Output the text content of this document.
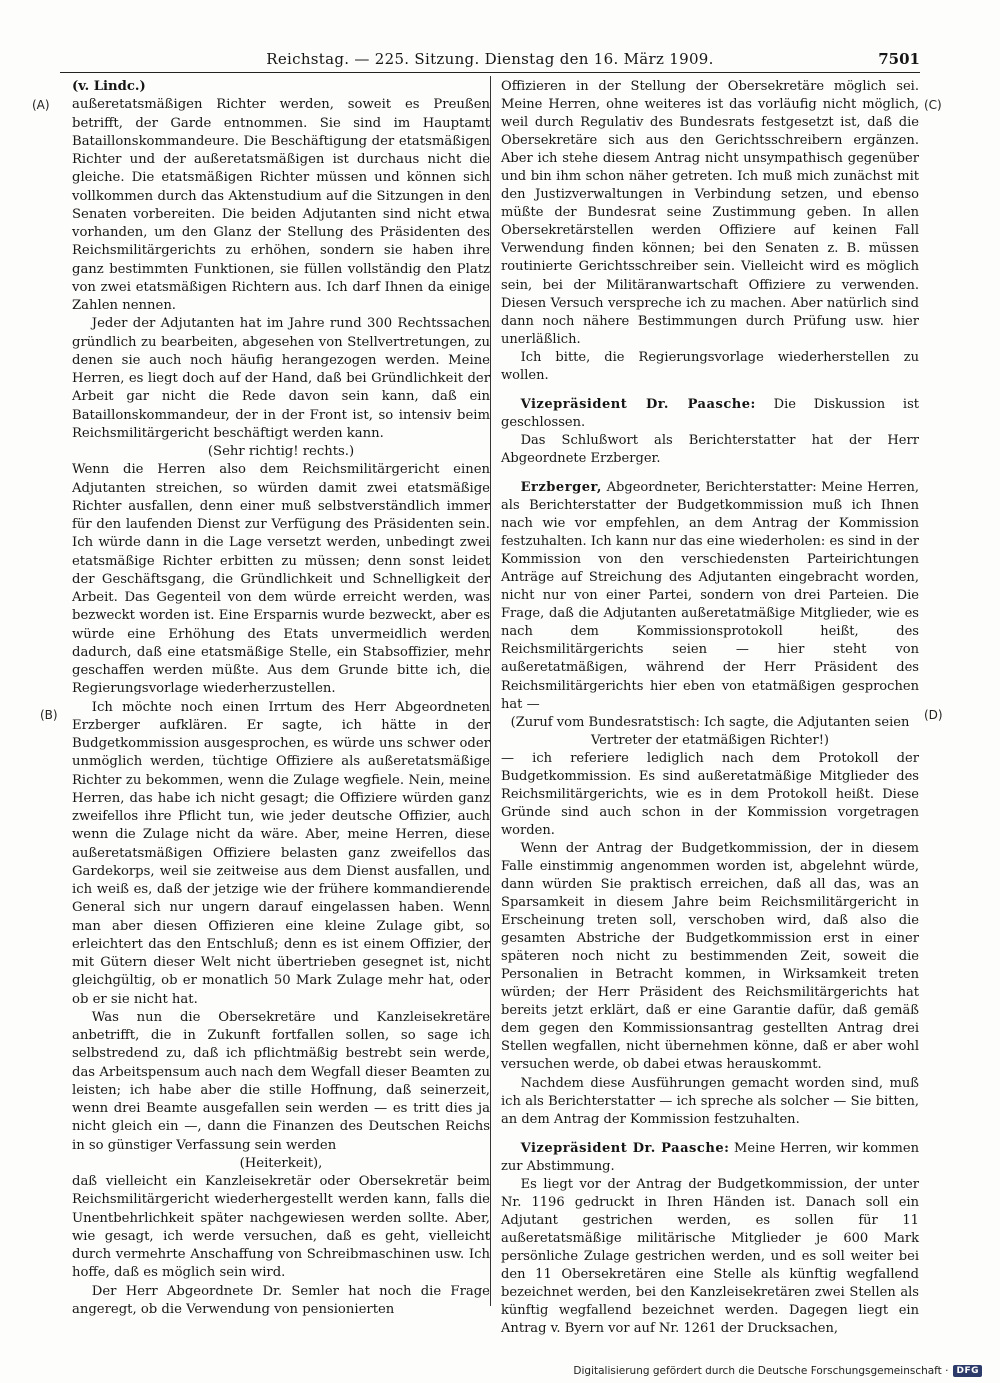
Reichstag. — 225. Sitzung. Dienstag den 16. März 1909.	7501
(A)
(B)
(C)
(D)

(v. Lindc.)

außeretatsmäßigen Richter werden, soweit es Preußen betrifft, der Garde entnommen. Sie sind im Hauptamt Bataillonskommandeure. Die Beschäftigung der etatsmäßigen Richter und der außeretatsmäßigen ist durchaus nicht die gleiche. Die etatsmäßigen Richter müssen und können sich vollkommen durch das Aktenstudium auf die Sitzungen in den Senaten vorbereiten. Die beiden Adjutanten sind nicht etwa vorhanden, um den Glanz der Stellung des Präsidenten des Reichsmilitärgerichts zu erhöhen, sondern sie haben ihre ganz bestimmten Funktionen, sie füllen vollständig den Platz von zwei etatsmäßigen Richtern aus. Ich darf Ihnen da einige Zahlen nennen.

Jeder der Adjutanten hat im Jahre rund 300 Rechtssachen gründlich zu bearbeiten, abgesehen von Stellvertretungen, zu denen sie auch noch häufig herangezogen werden. Meine Herren, es liegt doch auf der Hand, daß bei Gründlichkeit der Arbeit gar nicht die Rede davon sein kann, daß ein Bataillonskommandeur, der in der Front ist, so intensiv beim Reichsmilitärgericht beschäftigt werden kann.

(Sehr richtig! rechts.)

Wenn die Herren also dem Reichsmilitärgericht einen Adjutanten streichen, so würden damit zwei etatsmäßige Richter ausfallen, denn einer muß selbstverständlich immer für den laufenden Dienst zur Verfügung des Präsidenten sein. Ich würde dann in die Lage versetzt werden, unbedingt zwei etatsmäßige Richter erbitten zu müssen; denn sonst leidet der Geschäftsgang, die Gründlichkeit und Schnelligkeit der Arbeit. Das Gegenteil von dem würde erreicht werden, was bezweckt worden ist. Eine Ersparnis wurde bezweckt, aber es würde eine Erhöhung des Etats unvermeidlich werden dadurch, daß eine etatsmäßige Stelle, ein Stabsoffizier, mehr geschaffen werden müßte. Aus dem Grunde bitte ich, die Regierungsvorlage wiederherzustellen.

Ich möchte noch einen Irrtum des Herr Abgeordneten Erzberger aufklären. Er sagte, ich hätte in der Budgetkommission ausgesprochen, es würde uns schwer oder unmöglich werden, tüchtige Offiziere als außeretatsmäßige Richter zu bekommen, wenn die Zulage wegfiele. Nein, meine Herren, das habe ich nicht gesagt; die Offiziere würden ganz zweifellos ihre Pflicht tun, wie jeder deutsche Offizier, auch wenn die Zulage nicht da wäre. Aber, meine Herren, diese außeretatsmäßigen Offiziere belasten ganz zweifellos das Gardekorps, weil sie zeitweise aus dem Dienst ausfallen, und ich weiß es, daß der jetzige wie der frühere kommandierende General sich nur ungern darauf eingelassen haben. Wenn man aber diesen Offizieren eine kleine Zulage gibt, so erleichtert das den Entschluß; denn es ist einem Offizier, der mit Gütern dieser Welt nicht übertrieben gesegnet ist, nicht gleichgültig, ob er monatlich 50 Mark Zulage mehr hat, oder ob er sie nicht hat.

Was nun die Obersekretäre und Kanzleisekretäre anbetrifft, die in Zukunft fortfallen sollen, so sage ich selbstredend zu, daß ich pflichtmäßig bestrebt sein werde, das Arbeitspensum auch nach dem Wegfall dieser Beamten zu leisten; ich habe aber die stille Hoffnung, daß seinerzeit, wenn drei Beamte ausgefallen sein werden — es tritt dies ja nicht gleich ein —, dann die Finanzen des Deutschen Reichs in so günstiger Verfassung sein werden

(Heiterkeit),

daß vielleicht ein Kanzleisekretär oder Obersekretär beim Reichsmilitärgericht wiederhergestellt werden kann, falls die Unentbehrlichkeit später nachgewiesen werden sollte. Aber, wie gesagt, ich werde versuchen, daß es geht, vielleicht durch vermehrte Anschaffung von Schreibmaschinen usw. Ich hoffe, daß es möglich sein wird.

Der Herr Abgeordnete Dr. Semler hat noch die Frage angeregt, ob die Verwendung von pensionierten

Offizieren in der Stellung der Obersekretäre möglich sei. Meine Herren, ohne weiteres ist das vorläufig nicht möglich, weil durch Regulativ des Bundesrats festgesetzt ist, daß die Obersekretäre sich aus den Gerichtsschreibern ergänzen. Aber ich stehe diesem Antrag nicht unsympathisch gegenüber und bin ihm schon näher getreten. Ich muß mich zunächst mit den Justizverwaltungen in Verbindung setzen, und ebenso müßte der Bundesrat seine Zustimmung geben. In allen Obersekretärstellen werden Offiziere auf keinen Fall Verwendung finden können; bei den Senaten z. B. müssen routinierte Gerichtsschreiber sein. Vielleicht wird es möglich sein, bei der Militäranwartschaft Offiziere zu verwenden. Diesen Versuch verspreche ich zu machen. Aber natürlich sind dann noch nähere Bestimmungen durch Prüfung usw. hier unerläßlich.

Ich bitte, die Regierungsvorlage wiederherstellen zu wollen.

Vizepräsident Dr. Paasche: Die Diskussion ist geschlossen.

Das Schlußwort als Berichterstatter hat der Herr Abgeordnete Erzberger.

Erzberger, Abgeordneter, Berichterstatter: Meine Herren, als Berichterstatter der Budgetkommission muß ich Ihnen nach wie vor empfehlen, an dem Antrag der Kommission festzuhalten. Ich kann nur das eine wiederholen: es sind in der Kommission von den verschiedensten Parteirichtungen Anträge auf Streichung des Adjutanten eingebracht worden, nicht nur von einer Partei, sondern von drei Parteien. Die Frage, daß die Adjutanten außeretatmäßige Mitglieder, wie es nach dem Kommissionsprotokoll heißt, des Reichsmilitärgerichts seien — hier steht von außeretatmäßigen, während der Herr Präsident des Reichsmilitärgerichts hier eben von etatmäßigen gesprochen hat —

(Zuruf vom Bundesratstisch: Ich sagte, die Adjutanten seien Vertreter der etatmäßigen Richter!)

— ich referiere lediglich nach dem Protokoll der Budgetkommission. Es sind außeretatmäßige Mitglieder des Reichsmilitärgerichts, wie es in dem Protokoll heißt. Diese Gründe sind auch schon in der Kommission vorgetragen worden.

Wenn der Antrag der Budgetkommission, der in diesem Falle einstimmig angenommen worden ist, abgelehnt würde, dann würden Sie praktisch erreichen, daß all das, was an Sparsamkeit in diesem Jahre beim Reichsmilitärgericht in Erscheinung treten soll, verschoben wird, daß also die gesamten Abstriche der Budgetkommission erst in einer späteren noch nicht zu bestimmenden Zeit, soweit die Personalien in Betracht kommen, in Wirksamkeit treten würden; der Herr Präsident des Reichsmilitärgerichts hat bereits jetzt erklärt, daß er eine Garantie dafür, daß gemäß dem gegen den Kommissionsantrag gestellten Antrag drei Stellen wegfallen, nicht übernehmen könne, daß er aber wohl versuchen werde, ob dabei etwas herauskommt.

Nachdem diese Ausführungen gemacht worden sind, muß ich als Berichterstatter — ich spreche als solcher — Sie bitten, an dem Antrag der Kommission festzuhalten.

Vizepräsident Dr. Paasche: Meine Herren, wir kommen zur Abstimmung.

Es liegt vor der Antrag der Budgetkommission, der unter Nr. 1196 gedruckt in Ihren Händen ist. Danach soll ein Adjutant gestrichen werden, es sollen für 11 außeretatsmäßige militärische Mitglieder je 600 Mark persönliche Zulage gestrichen werden, und es soll weiter bei den 11 Obersekretären eine Stelle als künftig wegfallend bezeichnet werden, bei den Kanzleisekretären zwei Stellen als künftig wegfallend bezeichnet werden. Dagegen liegt ein Antrag v. Byern vor auf Nr. 1261 der Drucksachen,

Digitalisierung gefördert durch die Deutsche Forschungsgemeinschaft · DFG
